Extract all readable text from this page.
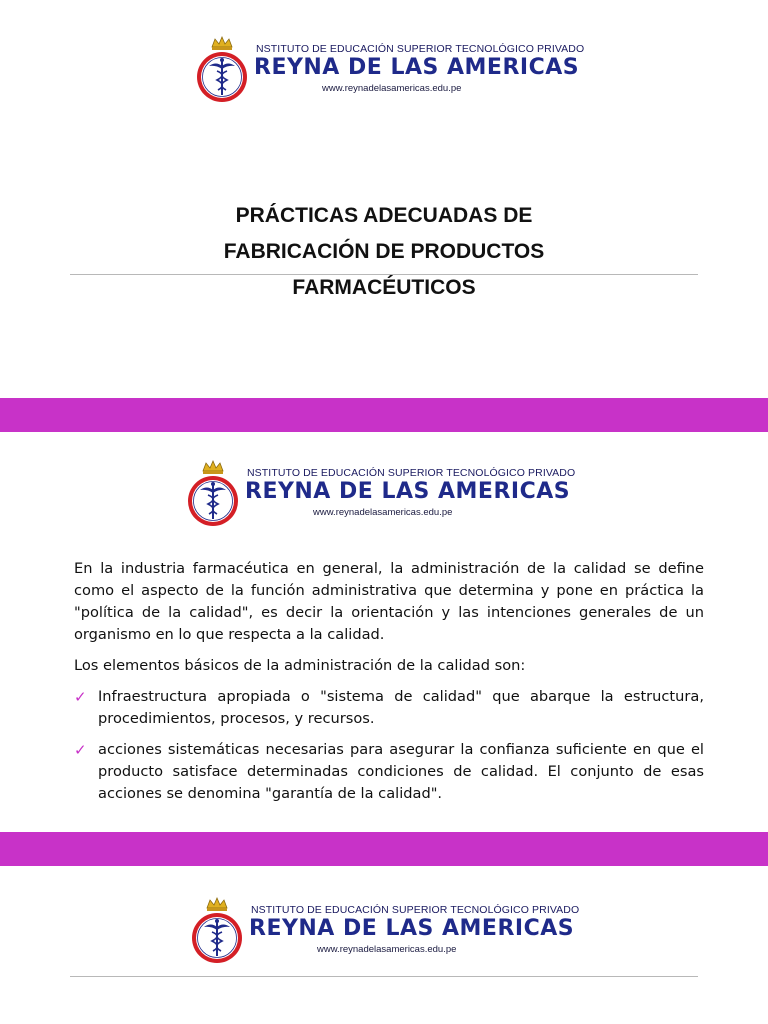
NSTITUTO DE EDUCACIÓN SUPERIOR TECNOLÓGICO PRIVADO
REYNA DE LAS AMERICAS
www.reynadelasamericas.edu.pe
PRÁCTICAS ADECUADAS DE
FABRICACIÓN DE PRODUCTOS
FARMACÉUTICOS
NSTITUTO DE EDUCACIÓN SUPERIOR TECNOLÓGICO PRIVADO
REYNA DE LAS AMERICAS
www.reynadelasamericas.edu.pe

En la industria farmacéutica en general, la administración de la calidad se define como el aspecto de la función administrativa que determina y pone en práctica la "política de la calidad", es decir la orientación y las intenciones generales de un organismo en lo que respecta a la calidad.

Los elementos básicos de la administración de la calidad son:

✓ Infraestructura apropiada o "sistema de calidad" que abarque la estructura, procedimientos, procesos, y recursos.
✓ acciones sistemáticas necesarias para asegurar la confianza suficiente en que el producto satisface determinadas condiciones de calidad. El conjunto de esas acciones se denomina "garantía de la calidad".
NSTITUTO DE EDUCACIÓN SUPERIOR TECNOLÓGICO PRIVADO
REYNA DE LAS AMERICAS
www.reynadelasamericas.edu.pe
